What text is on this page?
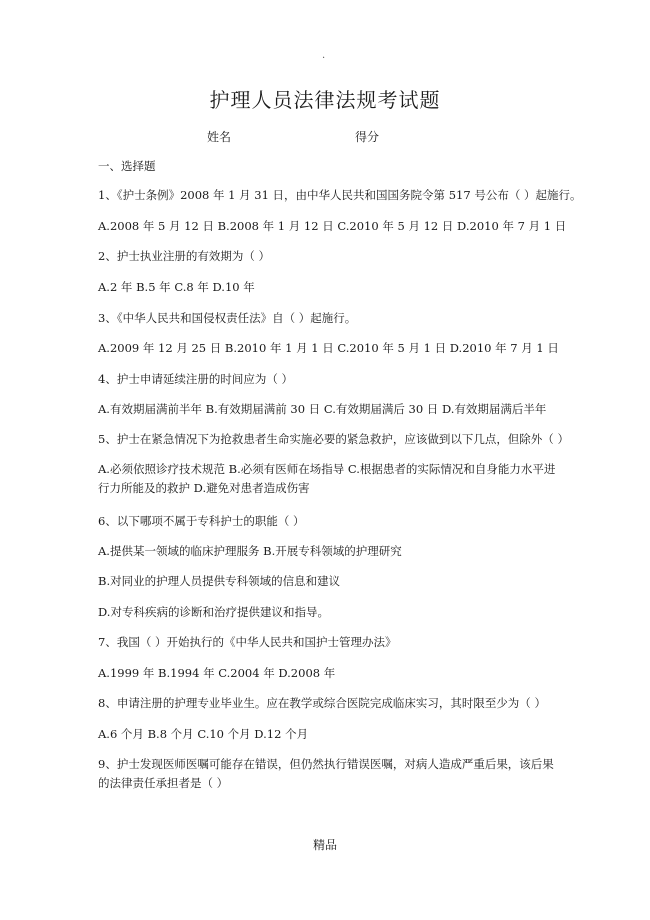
.
护理人员法律法规考试题
姓名	得分
一、选择题
1、《护士条例》2008 年 1 月 31 日，由中华人民共和国国务院令第 517 号公布（ ）起施行。
A.2008 年 5 月 12 日 B.2008 年 1 月 12 日 C.2010 年 5 月 12 日 D.2010 年 7 月 1 日
2、护士执业注册的有效期为（ ）
A.2 年 B.5 年 C.8 年 D.10 年
3、《中华人民共和国侵权责任法》自（ ）起施行。
A.2009 年 12 月 25 日 B.2010 年 1 月 1 日 C.2010 年 5 月 1 日 D.2010 年 7 月 1 日
4、护士申请延续注册的时间应为（ ）
A.有效期届满前半年 B.有效期届满前 30 日 C.有效期届满后 30 日 D.有效期届满后半年
5、护士在紧急情况下为抢救患者生命实施必要的紧急救护，应该做到以下几点，但除外（ ）
A.必须依照诊疗技术规范 B.必须有医师在场指导 C.根据患者的实际情况和自身能力水平进行力所能及的救护 D.避免对患者造成伤害
6、以下哪项不属于专科护士的职能（ ）
A.提供某一领域的临床护理服务 B.开展专科领域的护理研究
B.对同业的护理人员提供专科领域的信息和建议
D.对专科疾病的诊断和治疗提供建议和指导。
7、我国（ ）开始执行的《中华人民共和国护士管理办法》
A.1999 年 B.1994 年 C.2004 年 D.2008 年
8、申请注册的护理专业毕业生。应在教学或综合医院完成临床实习，其时限至少为（ ）
A.6 个月 B.8 个月 C.10 个月 D.12 个月
9、护士发现医师医嘱可能存在错误，但仍然执行错误医嘱，对病人造成严重后果，该后果的法律责任承担者是（ ）
精品
